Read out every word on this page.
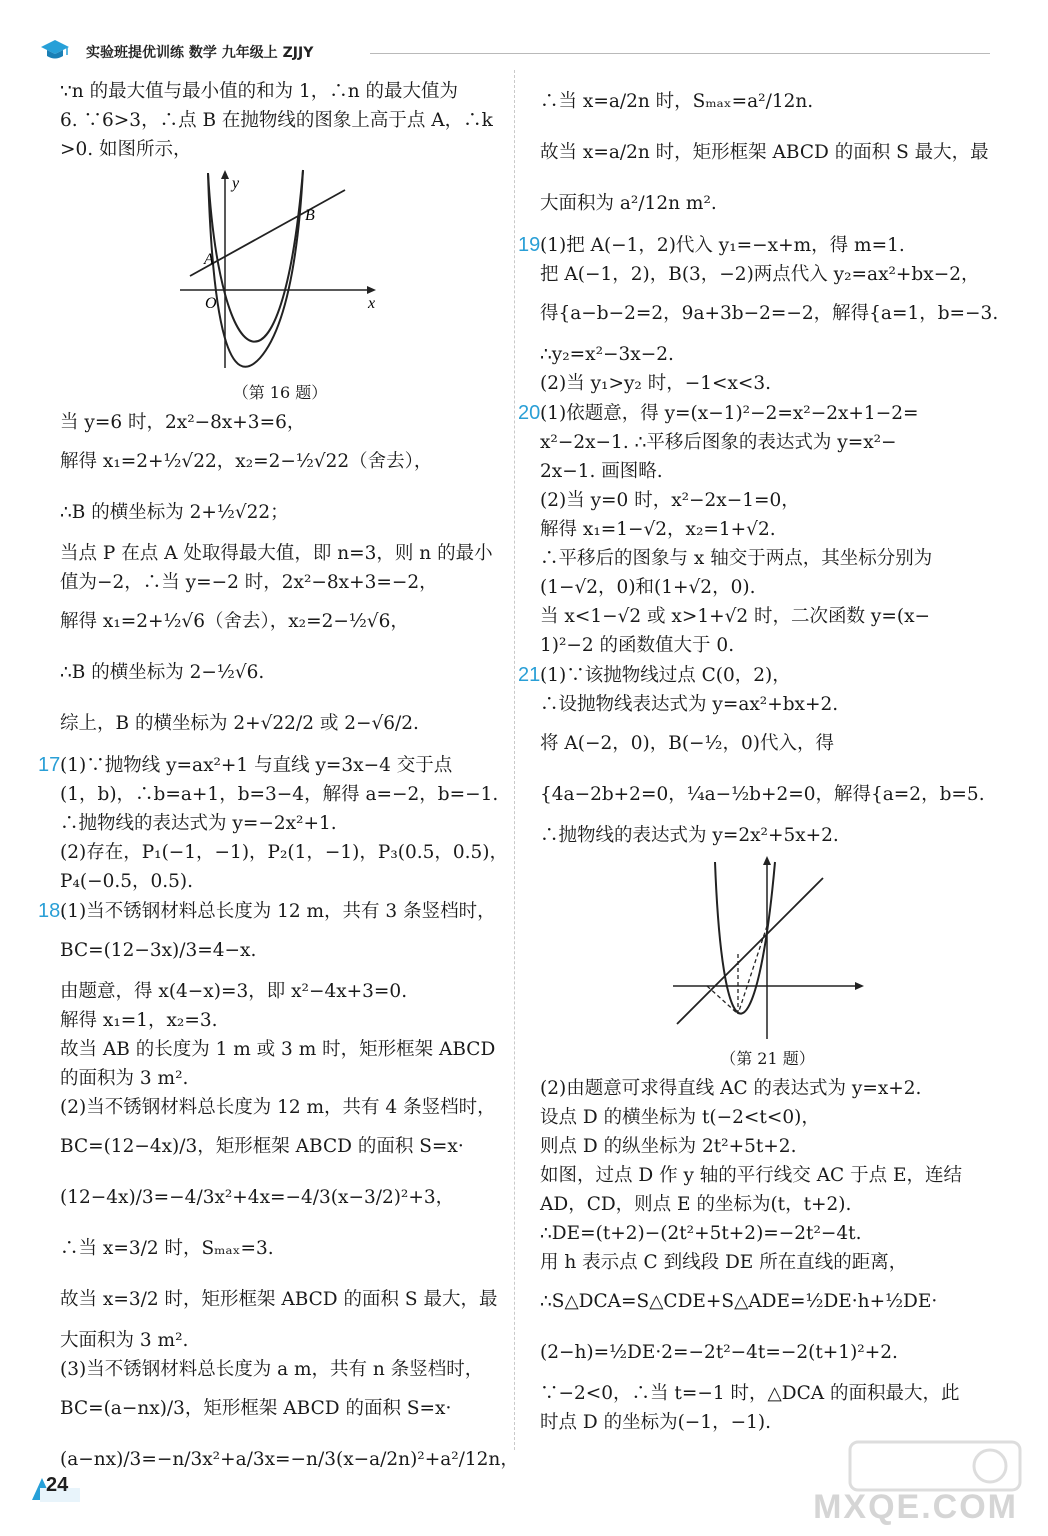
实验班提优训练 数学 九年级上 ZJJY
∵n 的最大值与最小值的和为 1，∴n 的最大值为
6. ∵6>3，∴点 B 在抛物线的图象上高于点 A，∴k
>0. 如图所示，
y
x
O
A
B
（第 16 题）
当 y=6 时，2x²−8x+3=6，
解得 x₁=2+½√22，x₂=2−½√22（舍去），
∴B 的横坐标为 2+½√22；
当点 P 在点 A 处取得最大值，即 n=3，则 n 的最小
值为−2，∴当 y=−2 时，2x²−8x+3=−2，
解得 x₁=2+½√6（舍去），x₂=2−½√6，
∴B 的横坐标为 2−½√6.
综上，B 的横坐标为 2+√22/2 或 2−√6/2.
17.(1)∵抛物线 y=ax²+1 与直线 y=3x−4 交于点
(1，b)，∴b=a+1，b=3−4，解得 a=−2，b=−1.
∴抛物线的表达式为 y=−2x²+1.
(2)存在，P₁(−1，−1)，P₂(1，−1)，P₃(0.5，0.5)，
P₄(−0.5，0.5).
18.(1)当不锈钢材料总长度为 12 m，共有 3 条竖档时，
BC=(12−3x)/3=4−x.
由题意，得 x(4−x)=3，即 x²−4x+3=0.
解得 x₁=1，x₂=3.
故当 AB 的长度为 1 m 或 3 m 时，矩形框架 ABCD
的面积为 3 m².
(2)当不锈钢材料总长度为 12 m，共有 4 条竖档时，
BC=(12−4x)/3，矩形框架 ABCD 的面积 S=x·
(12−4x)/3=−4/3x²+4x=−4/3(x−3/2)²+3，
∴当 x=3/2 时，Sₘₐₓ=3.
故当 x=3/2 时，矩形框架 ABCD 的面积 S 最大，最
大面积为 3 m².
(3)当不锈钢材料总长度为 a m，共有 n 条竖档时，
BC=(a−nx)/3，矩形框架 ABCD 的面积 S=x·
(a−nx)/3=−n/3x²+a/3x=−n/3(x−a/2n)²+a²/12n，
∴当 x=a/2n 时，Sₘₐₓ=a²/12n.
故当 x=a/2n 时，矩形框架 ABCD 的面积 S 最大，最
大面积为 a²/12n m².
19.(1)把 A(−1，2)代入 y₁=−x+m，得 m=1.
把 A(−1，2)，B(3，−2)两点代入 y₂=ax²+bx−2，
得{a−b−2=2，9a+3b−2=−2，解得{a=1，b=−3.
∴y₂=x²−3x−2.
(2)当 y₁>y₂ 时，−1<x<3.
20.(1)依题意，得 y=(x−1)²−2=x²−2x+1−2=
x²−2x−1. ∴平移后图象的表达式为 y=x²−
2x−1. 画图略.
(2)当 y=0 时，x²−2x−1=0，
解得 x₁=1−√2，x₂=1+√2.
∴平移后的图象与 x 轴交于两点，其坐标分别为
(1−√2，0)和(1+√2，0).
当 x<1−√2 或 x>1+√2 时，二次函数 y=(x−
1)²−2 的函数值大于 0.
21.(1)∵该抛物线过点 C(0，2)，
∴设抛物线表达式为 y=ax²+bx+2.
将 A(−2，0)，B(−½，0)代入，得
{4a−2b+2=0，¼a−½b+2=0，解得{a=2，b=5.
∴抛物线的表达式为 y=2x²+5x+2.
（第 21 题）
(2)由题意可求得直线 AC 的表达式为 y=x+2.
设点 D 的横坐标为 t(−2<t<0)，
则点 D 的纵坐标为 2t²+5t+2.
如图，过点 D 作 y 轴的平行线交 AC 于点 E，连结
AD，CD，则点 E 的坐标为(t，t+2).
∴DE=(t+2)−(2t²+5t+2)=−2t²−4t.
用 h 表示点 C 到线段 DE 所在直线的距离，
∴S△DCA=S△CDE+S△ADE=½DE·h+½DE·
(2−h)=½DE·2=−2t²−4t=−2(t+1)²+2.
∵−2<0，∴当 t=−1 时，△DCA 的面积最大，此
时点 D 的坐标为(−1，−1).
24
MXQE.COM
